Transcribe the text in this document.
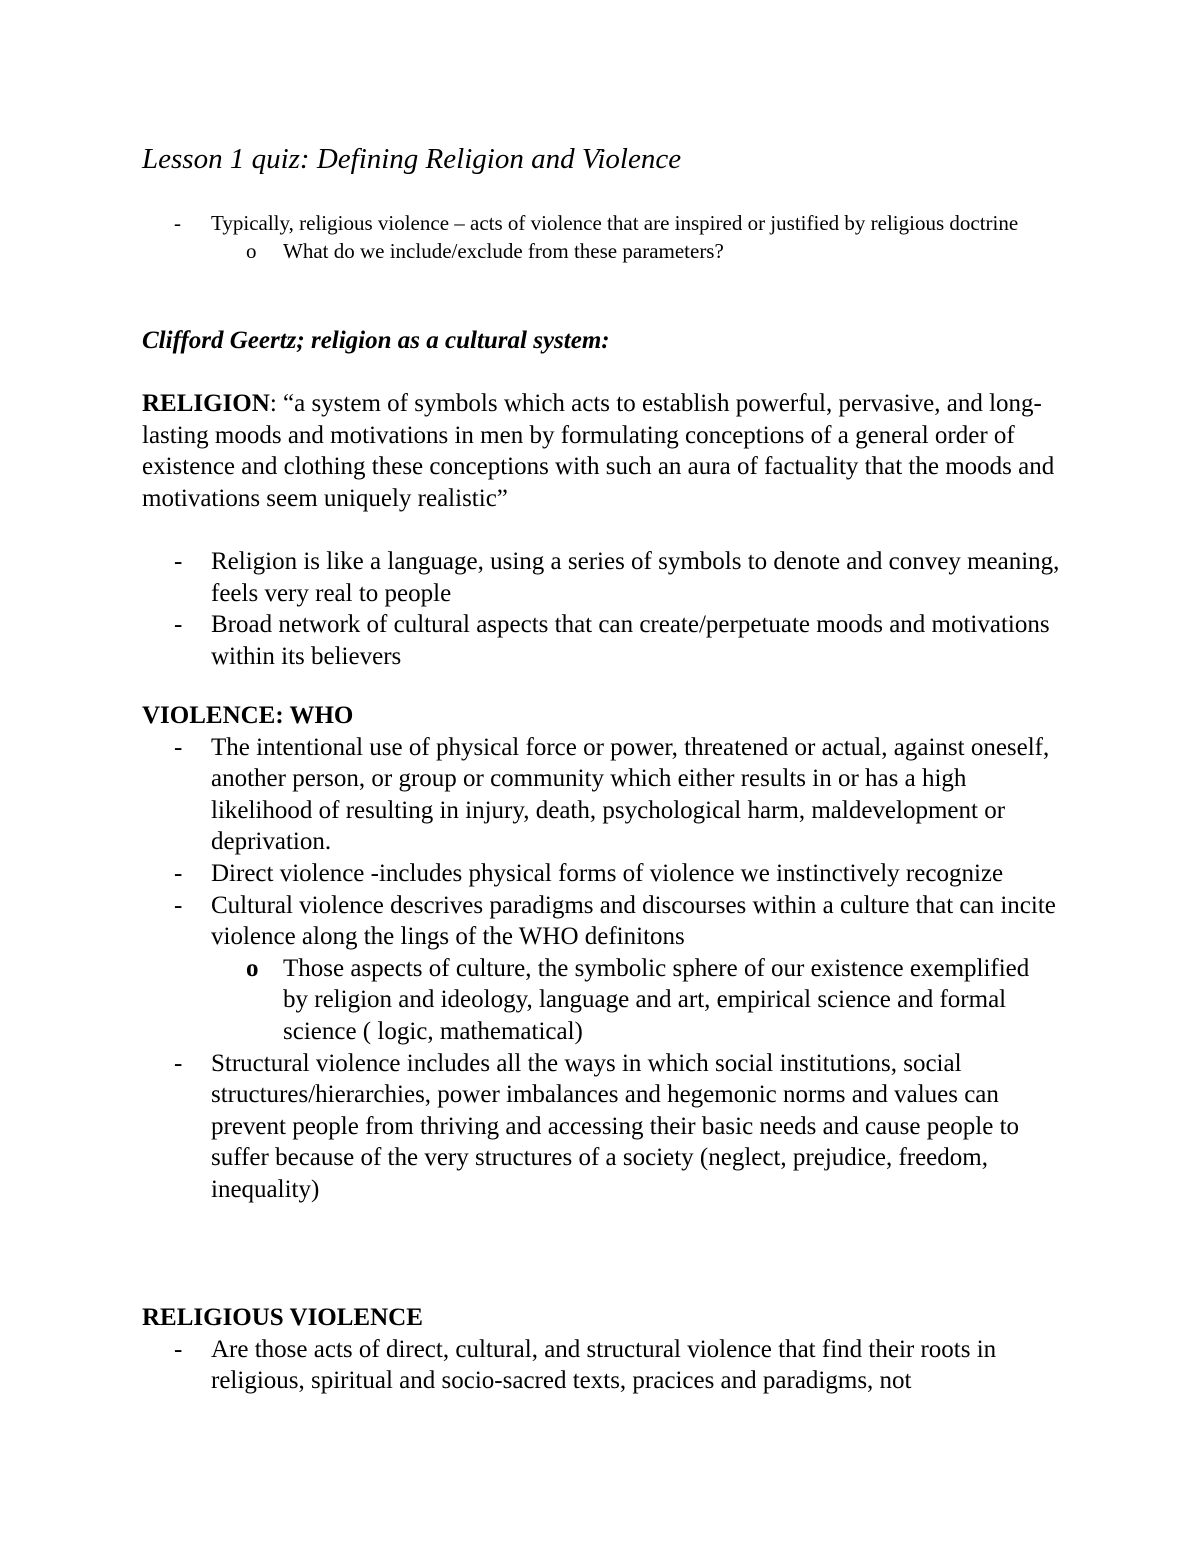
Lesson 1 quiz: Defining Religion and Violence
- Typically, religious violence – acts of violence that are inspired or justified by religious doctrine
o What do we include/exclude from these parameters?
Clifford Geertz; religion as a cultural system:
RELIGION: “a system of symbols which acts to establish powerful, pervasive, and long-lasting moods and motivations in men by formulating conceptions of a general order of existence and clothing these conceptions with such an aura of factuality that the moods and motivations seem uniquely realistic”
- Religion is like a language, using a series of symbols to denote and convey meaning, feels very real to people
- Broad network of cultural aspects that can create/perpetuate moods and motivations within its believers
VIOLENCE: WHO
- The intentional use of physical force or power, threatened or actual, against oneself, another person, or group or community which either results in or has a high likelihood of resulting in injury, death, psychological harm, maldevelopment or deprivation.
- Direct violence -includes physical forms of violence we instinctively recognize
- Cultural violence descrives paradigms and discourses within a culture that can incite violence along the lings of the WHO definitons
o Those aspects of culture, the symbolic sphere of our existence exemplified by religion and ideology, language and art, empirical science and formal science ( logic, mathematical)
- Structural violence includes all the ways in which social institutions, social structures/hierarchies, power imbalances and hegemonic norms and values can prevent people from thriving and accessing their basic needs and cause people to suffer because of the very structures of a society (neglect, prejudice, freedom, inequality)
RELIGIOUS VIOLENCE
- Are those acts of direct, cultural, and structural violence that find their roots in religious, spiritual and socio-sacred texts, pracices and paradigms, not
